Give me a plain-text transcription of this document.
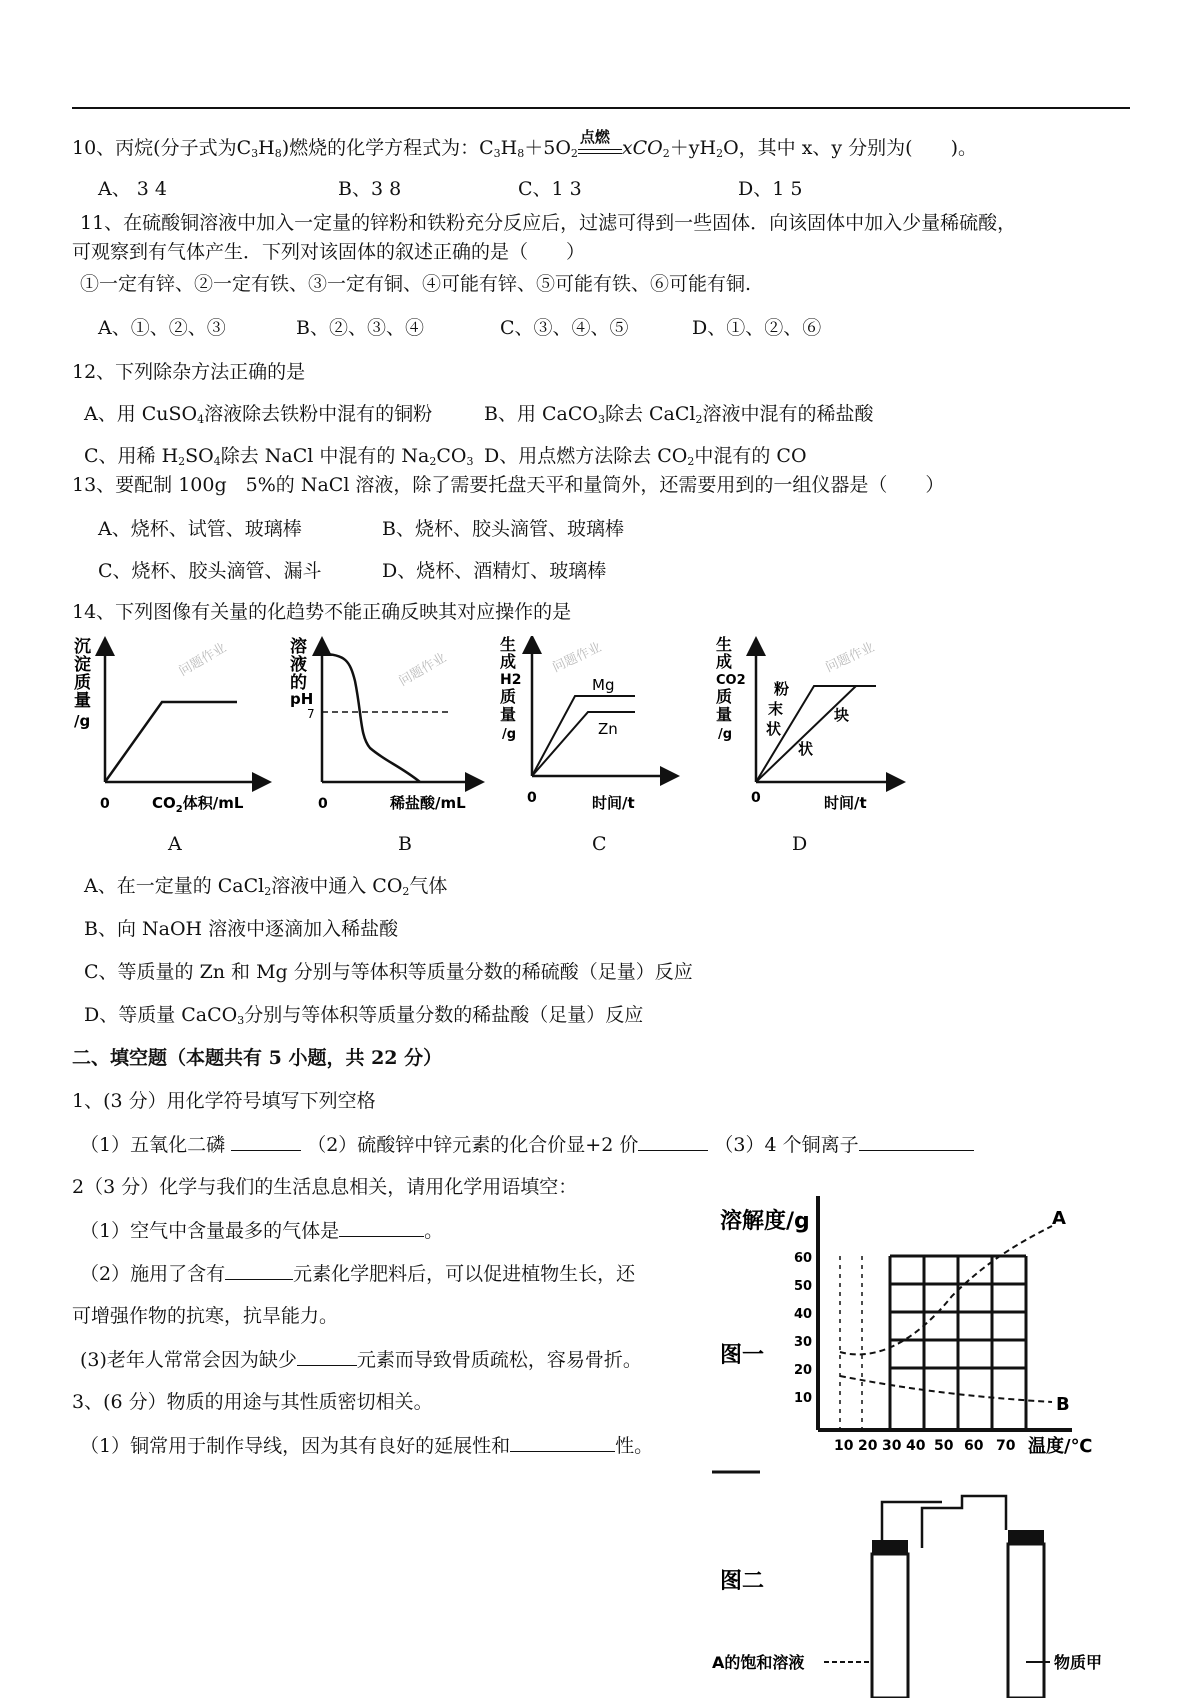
10、丙烷(分子式为$C_3H_8$)燃烧的化学方程式为：$C_3H_8+5O_2$
点燃 $xCO_2+yH_2O$，其中 x、y 分别为(　　)。
A、 3 4	B、3 8	C、1 3	D、1 5
11、在硫酸铜溶液中加入一定量的锌粉和铁粉充分反应后，过滤可得到一些固体．向该固体中加入少量稀硫酸，
可观察到有气体产生．下列对该固体的叙述正确的是（　　）
①一定有锌、②一定有铁、③一定有铜、④可能有锌、⑤可能有铁、⑥可能有铜.
A、①、②、③	B、②、③、④	C、③、④、⑤	D、①、②、⑥
12、下列除杂方法正确的是
A、用 CuSO$_4$溶液除去铁粉中混有的铜粉	B、用 CaCO$_3$除去 CaCl$_2$溶液中混有的稀盐酸
C、用稀 $H_2SO_4$除去 NaCl 中混有的 $Na_2CO_3$ D、用点燃方法除去 $CO_2$中混有的 CO
13、要配制 100g　5%的 NaCl 溶液，除了需要托盘天平和量筒外，还需要用到的一组仪器是（　　）
A、烧杯、试管、玻璃棒	B、烧杯、胶头滴管、玻璃棒
C、烧杯、胶头滴管、漏斗	D、烧杯、酒精灯、玻璃棒
14、下列图像有关量的化趋势不能正确反映其对应操作的是
沉
淀
质
量
/g
0	$CO_2$体积/mL
问题作业	溶
液
的
pH
7
0	稀盐酸/mL
问题作业
生
成
H2
质
量
/g
Mg
Zn
0	时间/t
问题作业	生
成
CO2
质
量
/g
粉
末
状
块
状
0	时间/t
问题作业
A	B	C	D
A、在一定量的 CaCl$_2$溶液中通入 $CO_2$气体
B、向 NaOH 溶液中逐滴加入稀盐酸
C、等质量的 Zn 和 Mg 分别与等体积等质量分数的稀硫酸（足量）反应
D、等质量 CaCO$_3$分别与等体积等质量分数的稀盐酸（足量）反应
二、填空题（本题共有 5 小题，共 22 分）
1、(3 分）用化学符号填写下列空格
（1）五氧化二磷	（2）硫酸锌中锌元素的化合价显+2 价	（3）4 个铜离子
2（3 分）化学与我们的生活息息相关，请用化学用语填空：
（1）空气中含量最多的气体是	。
（2）施用了含有	元素化学肥料后，可以促进植物生长，还
可增强作物的抗寒，抗旱能力。
(3)老年人常常会因为缺少	元素而导致骨质疏松，容易骨折。
3、(6 分）物质的用途与其性质密切相关。
（1）铜常用于制作导线，因为其有良好的延展性和	性。
溶解度/g
图一
60
50
40
30
20
10
10 20 30 40 50 60 70 温度/℃
A
B
图二
A的饱和溶液	物质甲
